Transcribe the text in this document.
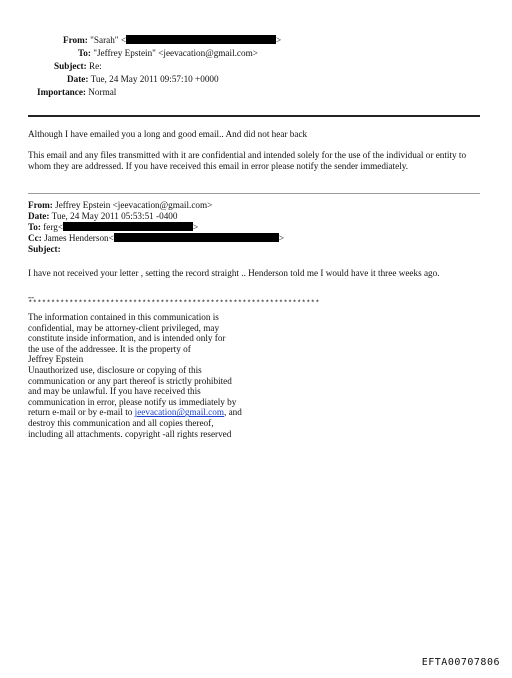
From: "Sarah" <	>
To: "Jeffrey Epstein" <jeevacation@gmail.com>
Subject: Re:
Date: Tue, 24 May 2011 09:57:10 +0000
Importance: Normal
Although I have emailed you a long and good email.. And did not hear back
This email and any files transmitted with it are confidential and intended solely for the use of the individual or entity to whom they are addressed. If you have received this email in error please notify the sender immediately.
From: Jeffrey Epstein <jeevacation@gmail.com>
Date: Tue, 24 May 2011 05:53:51 -0400
To: ferg<	>
Cc: James Henderson<	>
Subject:
I have not received your letter , setting the record straight .. Henderson told me I would have it three weeks ago.
--
****************************************************************
The information contained in this communication is
confidential, may be attorney-client privileged, may
constitute inside information, and is intended only for
the use of the addressee. It is the property of
Jeffrey Epstein
Unauthorized use, disclosure or copying of this
communication or any part thereof is strictly prohibited
and may be unlawful. If you have received this
communication in error, please notify us immediately by
return e-mail or by e-mail to jeevacation@gmail.com, and
destroy this communication and all copies thereof,
including all attachments. copyright -all rights reserved
EFTA00707806
